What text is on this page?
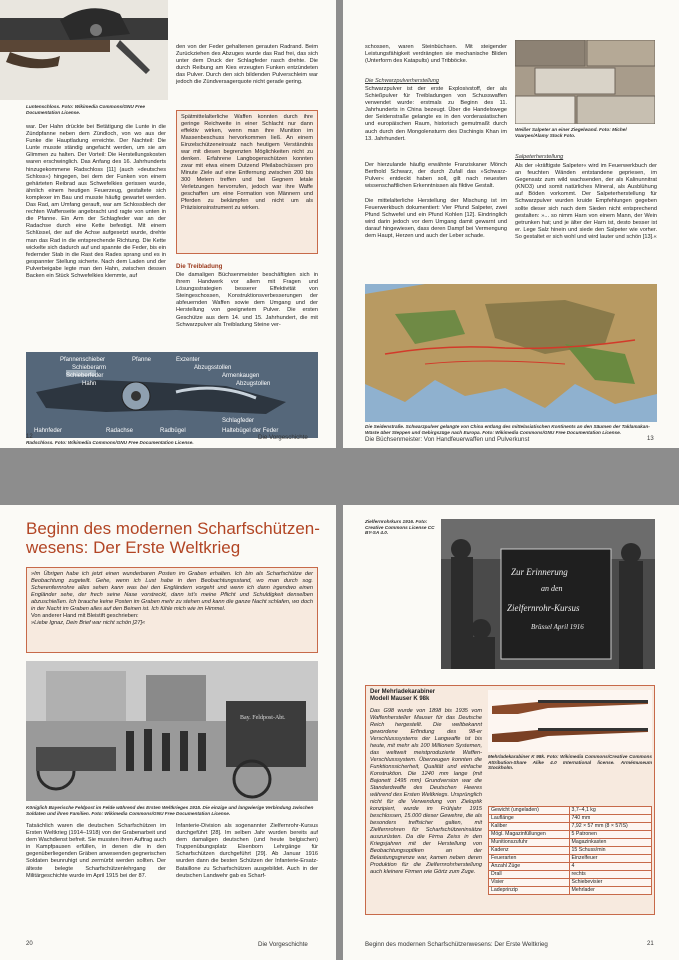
Luntenschloss. Foto: Wikimedia Commons/GNU Free Documentation License.

war. Der Hahn drückte bei Betätigung die Lunte in die Zündpfanne neben dem Zündloch, von wo aus der Funke die Hauptladung erreichte. Der Nachteil: Die Lunte musste ständig angefacht werden, um sie am Glimmen zu halten. Der Vorteil: Die Herstellungskosten waren erschwinglich. Das Anfang des 16. Jahrhunderts hinzugekommene Radschloss [11] (auch »deutsches Schloss«) hingegen, bei dem der Funken von einem gehärteten Reibrad aus Schwefelkies gerissen wurde, ähnlich einem heutigen Feuerzeug, gestaltete sich komplexer im Bau und musste häufig gewartet werden. Das Rad, am Umfang gerauft, war am Schlossblech der rechten Waffenseite angebracht und ragte von unten in die Pfanne. Ein Arm der Schlagfeder war an der Radachse durch eine Kette befestigt. Mit einem Schlüssel, der auf die Achse aufgesetzt wurde, drehte man das Rad in die entsprechende Richtung. Die Kette wickelte sich dadurch auf und spannte die Feder, bis ein federnder Stab in die Rast des Rades sprang und es in gespannter Stellung sicherte. Nach dem Laden und der Pulverbeigabe legte man den Hahn, zwischen dessen Backen ein Stück Schwefelkies klemmte, auf
den von der Feder gehaltenen gerauten Radrand. Beim Zurückziehen des Abzuges wurde das Rad frei, das sich unter dem Druck der Schlagfeder rasch drehte. Die durch Reibung am Kies erzeugten Funken entzündeten das Pulver. Durch den sich bildenden Pulverschleim war jedoch die Zündversagerquote nicht gerade gering.
Spätmittelalterliche Waffen konnten durch ihre geringe Reichweite in einer Schlacht nur dann effektiv wirken, wenn man ihre Munition im Massenbeschuss hervorkommen ließ. An einem Einzelschützeneinsatz nach heutigem Verständnis war mit diesen begrenzten Möglichkeiten nicht zu denken. Erfahrene Langbogenschützen konnten zwar mit etwa einem Dutzend Pfeilabschüssen pro Minute Ziele auf eine Entfernung zwischen 200 bis 300 Metern treffen und bei Gegnern letale Verletzungen hervorrufen, jedoch war ihre Waffe geschaffen um eine Formation von Männern und Pferden zu bekämpfen und nicht um als Präzisionsinstrument zu wirken.

Die Treibladung

Die damaligen Büchsenmeister beschäftigten sich in ihrem Handwerk vor allem mit Fragen und Lösungsstrategien besserer Effektivität von Steingeschossen, Konstruktionsverbesserungen der abfeuernden Waffen sowie dem Umgang und der Herstellung von geeignetem Pulver. Die ersten Geschütze aus dem 14. und 15. Jahrhundert, die mit Schwarzpulver als Treibladung Steine ver-
Pfannenschieber	Pfanne	Exzenter
Schieberarm	Abzugsstollen
Schieberfeder	Armenkaugen
Hahn	Abzugstollen
Schlagfeder
Hahnfeder	Radachse	Radbügel	Haltebügel der Feder

Radschloss. Foto: Wikimedia Commons/GNU Free Documentation License.

12	Die Vorgeschichte
schossen, waren Steinbüchsen. Mit steigender Leistungsfähigkeit verdrängten sie mechanische Bliden (Unterform des Katapults) und Tribböcke.

Die Schwarzpulverherstellung

Schwarzpulver ist der erste Explosivstoff, der als Schießpulver für Treibladungen von Schusswaffen verwendet wurde: erstmals zu Beginn des 11. Jahrhunderts in China bezeugt. Über die Handelswege der Seidenstraße gelangte es in den vorderasiatischen und europäischen Raum, historisch gemutmaßt durch auch durch den Mongolensturm des Dschingis Khan im 13. Jahrhundert.
Der hierzulande häufig erwähnte Franziskaner Mönch Berthold Schwarz, der durch Zufall das »Schwarz-Pulver« entdeckt haben soll, gilt nach neuesten wissenschaftlichen Erkenntnissen als fiktive Gestalt.
Die mittelalterliche Herstellung der Mischung ist im Feuerwerkbuch dokumentiert: Vier Pfund Salpeter, zwei Pfund Schwefel und ein Pfund Kohlen [12]. Eindringlich wird darin jedoch vor dem Umgang damit gewarnt und darauf hingewiesen, dass deren Dampf bei Vermengung dem Haupt, Herzen und auch der Leber schade.

Weißer Salpeter an einer Ziegelwand. Foto: Michel Vaarpes/Alamy Stock Foto.

Salpeterherstellung

Als der »kräftigste Salpeter« wird im Feuerwerkbuch der an feuchten Wänden entstandene gepriesen, im Gegensatz zum wild wachsenden, der als Kalinunnitrat (KNO3) und somit natürliches Mineral, als Ausblühung auf Böden vorkommt. Der Salpeterherstellung für Schwarzpulver wurden kruide Empfehlungen gegeben sollte dieser sich nach dem Sieden nicht entsprechend gestalten: »... so nimm Harn von einem Mann, der Wein getrunken hat; und je älter der Harn ist, desto besser ist er. Lege Salz hinein und siede den Salpeter wie vorher. So gestaltet er sich wohl und wird lauter und schön [13].«

Die Seidenstraße. Schwarzpulver gelangte von China entlang des mittelasiatischen Kontinents an den Säumen der Taklamakan-Wüste über Steppen und Gebirgszüge nach Europa. Foto: Wikimedia Commons/GNU Free Documentation License.

Die Büchsenmeister: Von Handfeuerwaffen und Pulverkunst	13

Beginn des modernen Scharfschützen-

wesens: Der Erste Weltkrieg

»Im Übrigen habe ich jetzt einen wunderbaren Posten im Graben erhalten. Ich bin als Scharfschütze der Beobachtung zugeteilt. Gehe, wenn ich Lust habe in den Beobachtungsstand, wo man durch sog. Scherenfernrohre alles sehen kann was bei den Engländern vorgeht und wenn ich dann irgendwo einen Engländer sehe, der frech seine Nase vorstreckt, dann ist's meine Pflicht und Schuldigkeit denselben abzuschießen. Ich brauche keine Posten im Graben mehr zu stehen und kann die ganze Nacht schlafen, wo doch in der Nacht im Graben alles auf den Beinen ist. Ich fühle mich wie im Himmel.
Von anderer Hand mit Bleistift geschrieben:
»Liebe Ignaz, Dein Brief war nicht schön [27]«
Bay. Feldpost-Abt.

Königlich Bayerische Feldpost im Felde während des Ersten Weltkrieges 1915. Die einzige und langwierige Verbindung zwischen Soldaten und ihren Familien. Foto: Wikimedia Commons/GNU Free Documentation License.

Tatsächlich waren die deutschen Scharfschützen im Ersten Weltkrieg (1914–1918) von der Grabenarbeit und dem Wachdienst befreit. Sie mussten ihren Auftrag auch in Kampfpausen erfüllen, in denen die in den gegenüberliegenden Gräben anwesenden gegnerischen Soldaten beunruhigt und zermürbt werden sollten. Der älteste belegte Scharfschützenlehrgang der Militärgeschichte wurde im April 1915 bei der 87.
Infanterie-Division als sogenannter Zielfernrohr-Kursus durchgeführt [28]. Im selben Jahr wurden bereits auf dem damaligen deutschen (und heute belgischen) Truppenübungsplatz Elsenborn Lehrgänge für Scharfschützen durchgeführt [29]. Ab Januar 1916 wurden dann die besten Schützen der Infanterie-Ersatz-Bataillone zu Scharfschützen ausgebildet. Auch in der deutschen Landwehr gab es Scharf-
20	Die Vorgeschichte

Zielfernrohrkurs 1916. Foto: Creative Commons License CC BY-SA 4.0.

Zur Erinnerung
an den
Zielfernrohr-Kursus
Brüssel April 1916
Der Mehrladekarabiner
Modell Mauser K 98k
Das G98 wurde von 1898 bis 1935 vom Waffenhersteller Mauser für das Deutsche Reich hergestellt. Die weltbekannt gewordene Erfindung des 98-er Verschlusssystems der Langwaffe ist bis heute, mit mehr als 100 Millionen Systemen, das weltweit meistproduzierte Waffen-Verschlusssystem. Überzeugen konnten die Funktionssicherheit, Qualität und einfache Konstruktion. Die 1240 mm lange (mit Bajonett 1495 mm) Grundversion war die Standardwaffe des Deutschen Heeres während des Ersten Weltkriegs. Ursprünglich nicht für die Verwendung von Zieloptik konzipiert, wurde im Frühjahr 1915 beschlossen, 15.000 dieser Gewehre, die als besonders treffsicher galten, mit Zielfernrohren für Scharfschützeninsätze auszurüsten. Da die Firma Zeiss in den Kriegsjahren mit der Herstellung von Beobachtungsoptiken an der Belastungsgrenze war, kamen neben deren Produktion für die Zielfernrohrherstellung auch kleinere Firmen wie Görtz zum Zuge.

Mehrladekarabiner K 98k. Foto: Wikimedia Commons/Creative Commons Attribution-Share Alike 4.0 International license. Armémuseum Stockholm.

Gewicht (ungeladen)	3,7–4,1 kg
Lauflänge	740 mm
Kaliber	7,92 × 57 mm (8 × 57IS)
Mögl. Magazinfüllungen	5 Patronen
Munitionszufuhr	Magazinkasten
Kadenz	15 Schuss/min
Feuerarten	Einzelfeuer
Anzahl Züge	4
Drall	rechts
Visier	Schiebevisier
Ladeprinzip	Mehrlader
Beginn des modernen Scharfschützenwesens: Der Erste Weltkrieg	21
